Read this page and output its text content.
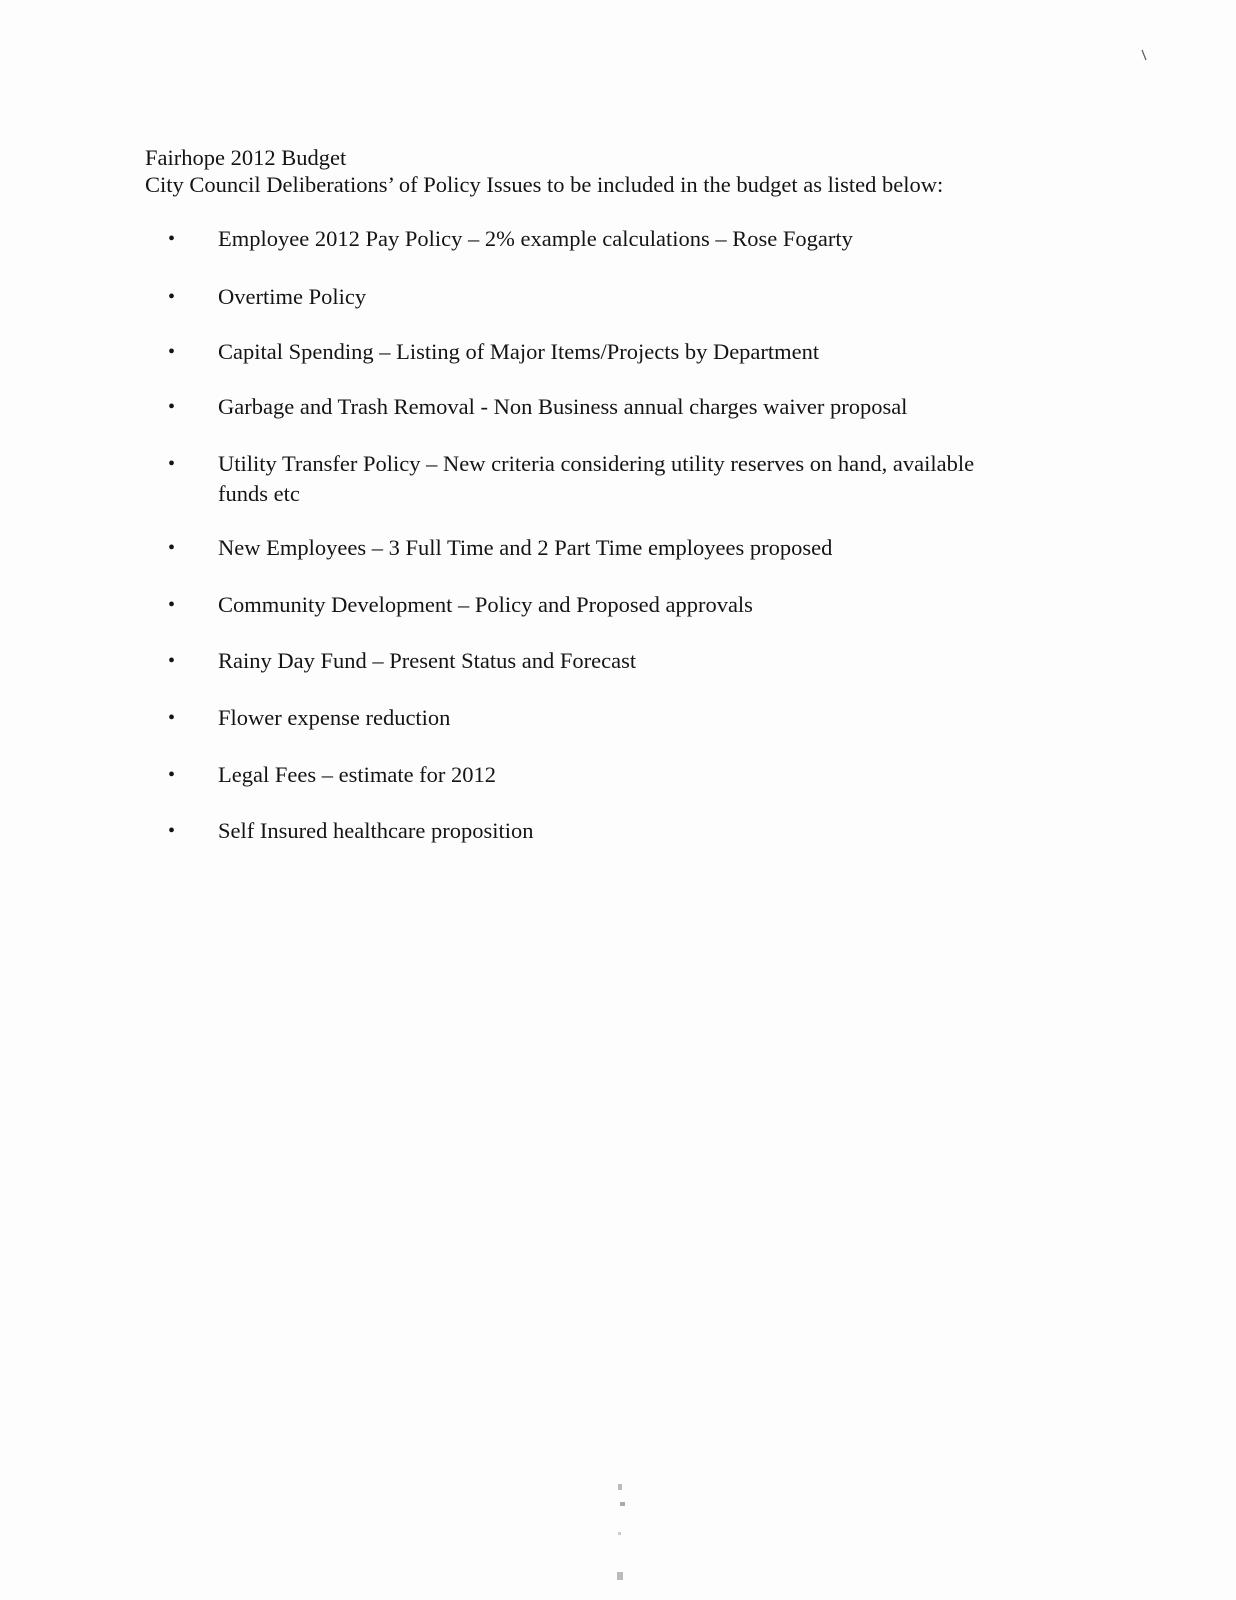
Fairhope 2012 Budget

City Council Deliberations’ of Policy Issues to be included in the budget as listed below:

• Employee 2012 Pay Policy – 2% example calculations – Rose Fogarty
• Overtime Policy
• Capital Spending – Listing of Major Items/Projects by Department
• Garbage and Trash Removal - Non Business annual charges waiver proposal
• Utility Transfer Policy – New criteria considering utility reserves on hand, available funds etc
• New Employees – 3 Full Time and 2 Part Time employees proposed
• Community Development – Policy and Proposed approvals
• Rainy Day Fund – Present Status and Forecast
• Flower expense reduction
• Legal Fees – estimate for 2012
• Self Insured healthcare proposition
